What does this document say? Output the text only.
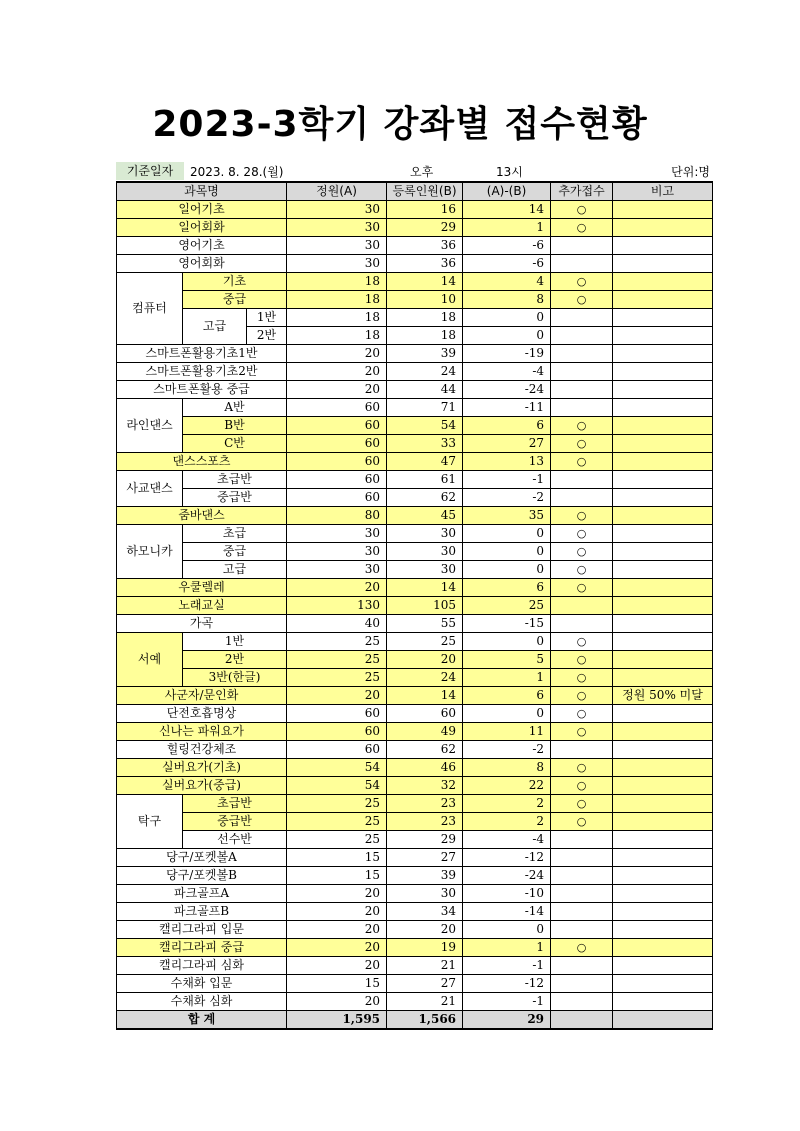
2023-3학기 강좌별 접수현황
기준일자	2023. 8. 28.(월)	오후	13시	단위:명
과목명			정원(A)	등록인원(B)	(A)-(B)	추가접수	비고
일어기초			30	16	14	○	
일어회화			30	29	1	○	
영어기초			30	36	-6		
영어회화			30	36	-6		
컴퓨터	기초		18	14	4	○	
	중급		18	10	8	○	
	고급	1반	18	18	0		
		2반	18	18	0		
스마트폰활용기초1반			20	39	-19		
스마트폰활용기초2반			20	24	-4		
스마트폰활용 중급			20	44	-24		
라인댄스	A반		60	71	-11		
	B반		60	54	6	○	
	C반		60	33	27	○	
댄스스포츠			60	47	13	○	
사교댄스	초급반		60	61	-1		
	중급반		60	62	-2		
줌바댄스			80	45	35	○	
하모니카	초급		30	30	0	○	
	중급		30	30	0	○	
	고급		30	30	0	○	
우쿨렐레			20	14	6	○	
노래교실			130	105	25		
가곡			40	55	-15		
서예	1반		25	25	0	○	
	2반		25	20	5	○	
	3반(한글)		25	24	1	○	
사군자/문인화			20	14	6	○	정원 50% 미달
단전호흡명상			60	60	0	○	
신나는 파워요가			60	49	11	○	
힐링건강체조			60	62	-2		
실버요가(기초)			54	46	8	○	
실버요가(중급)			54	32	22	○	
탁구	초급반		25	23	2	○	
	중급반		25	23	2	○	
	선수반		25	29	-4		
당구/포켓볼A			15	27	-12		
당구/포켓볼B			15	39	-24		
파크골프A			20	30	-10		
파크골프B			20	34	-14		
캘리그라피 입문			20	20	0		
캘리그라피 중급			20	19	1	○	
캘리그라피 심화			20	21	-1		
수채화 입문			15	27	-12		
수채화 심화			20	21	-1		
합 계			1,595	1,566	29		
